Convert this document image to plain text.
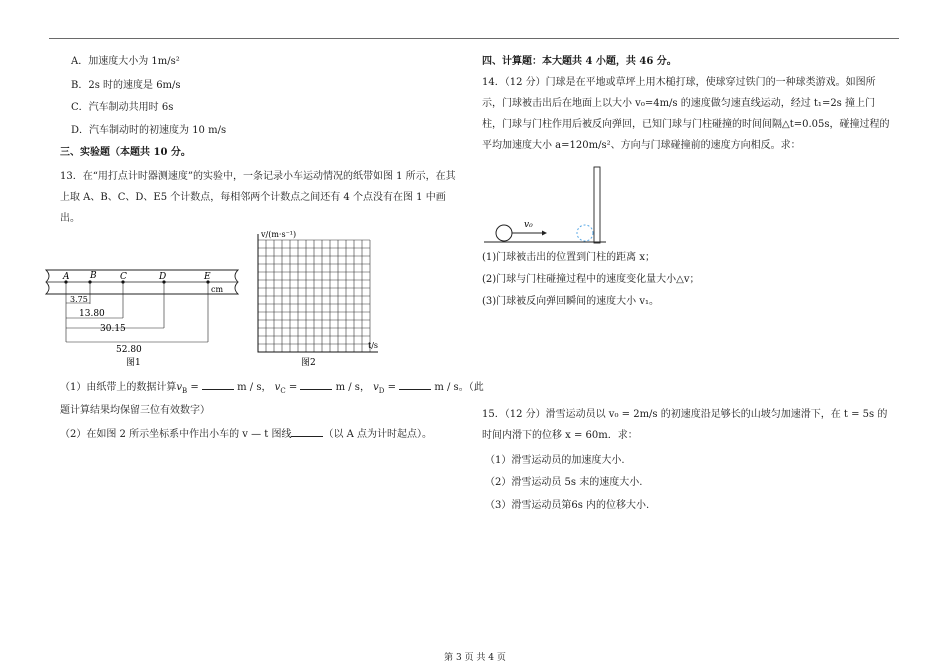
A．加速度大小为 1m/s²
B．2s 时的速度是 6m/s
C．汽车制动共用时 6s
D．汽车制动时的初速度为 10 m/s
三、实验题（本题共 10 分。
13．在“用打点计时器测速度”的实验中，一条记录小车运动情况的纸带如图 1 所示，在其上取 A、B、C、D、E5 个计数点，每相邻两个计数点之间还有 4 个点没有在图 1 中画出。
A B	C	D	E
cm
3.75
13.80
30.15
52.80
图1
v/(m·s⁻¹)
t/s
图2
（1）由纸带上的数据计算$v_B$ =	m / s， $v_C$ =	m / s， $v_D$ =	m / s。（此
题计算结果均保留三位有效数字）
（2）在如图 2 所示坐标系中作出小车的 v — t 图线	（以 A 点为计时起点）。
四、计算题：本大题共 4 小题，共 46 分。
14．（12 分）门球是在平地或草坪上用木槌打球，使球穿过铁门的一种球类游戏。如图所示，门球被击出后在地面上以大小 v₀=4m/s 的速度做匀速直线运动，经过 t₁=2s 撞上门柱，门球与门柱作用后被反向弹回，已知门球与门柱碰撞的时间间隔△t=0.05s，碰撞过程的平均加速度大小 a=120m/s²、方向与门球碰撞前的速度方向相反。求：
v₀
(1)门球被击出的位置到门柱的距离 x；
(2)门球与门柱碰撞过程中的速度变化量大小△v；
(3)门球被反向弹回瞬间的速度大小 v₁。
15．（12 分）滑雪运动员以 v₀ = 2m/s 的初速度沿足够长的山坡匀加速滑下，在 t = 5s 的时间内滑下的位移 x = 60m．求：
（1）滑雪运动员的加速度大小.
（2）滑雪运动员 5s 末的速度大小.
（3）滑雪运动员第6s 内的位移大小.
第 3 页 共 4 页
